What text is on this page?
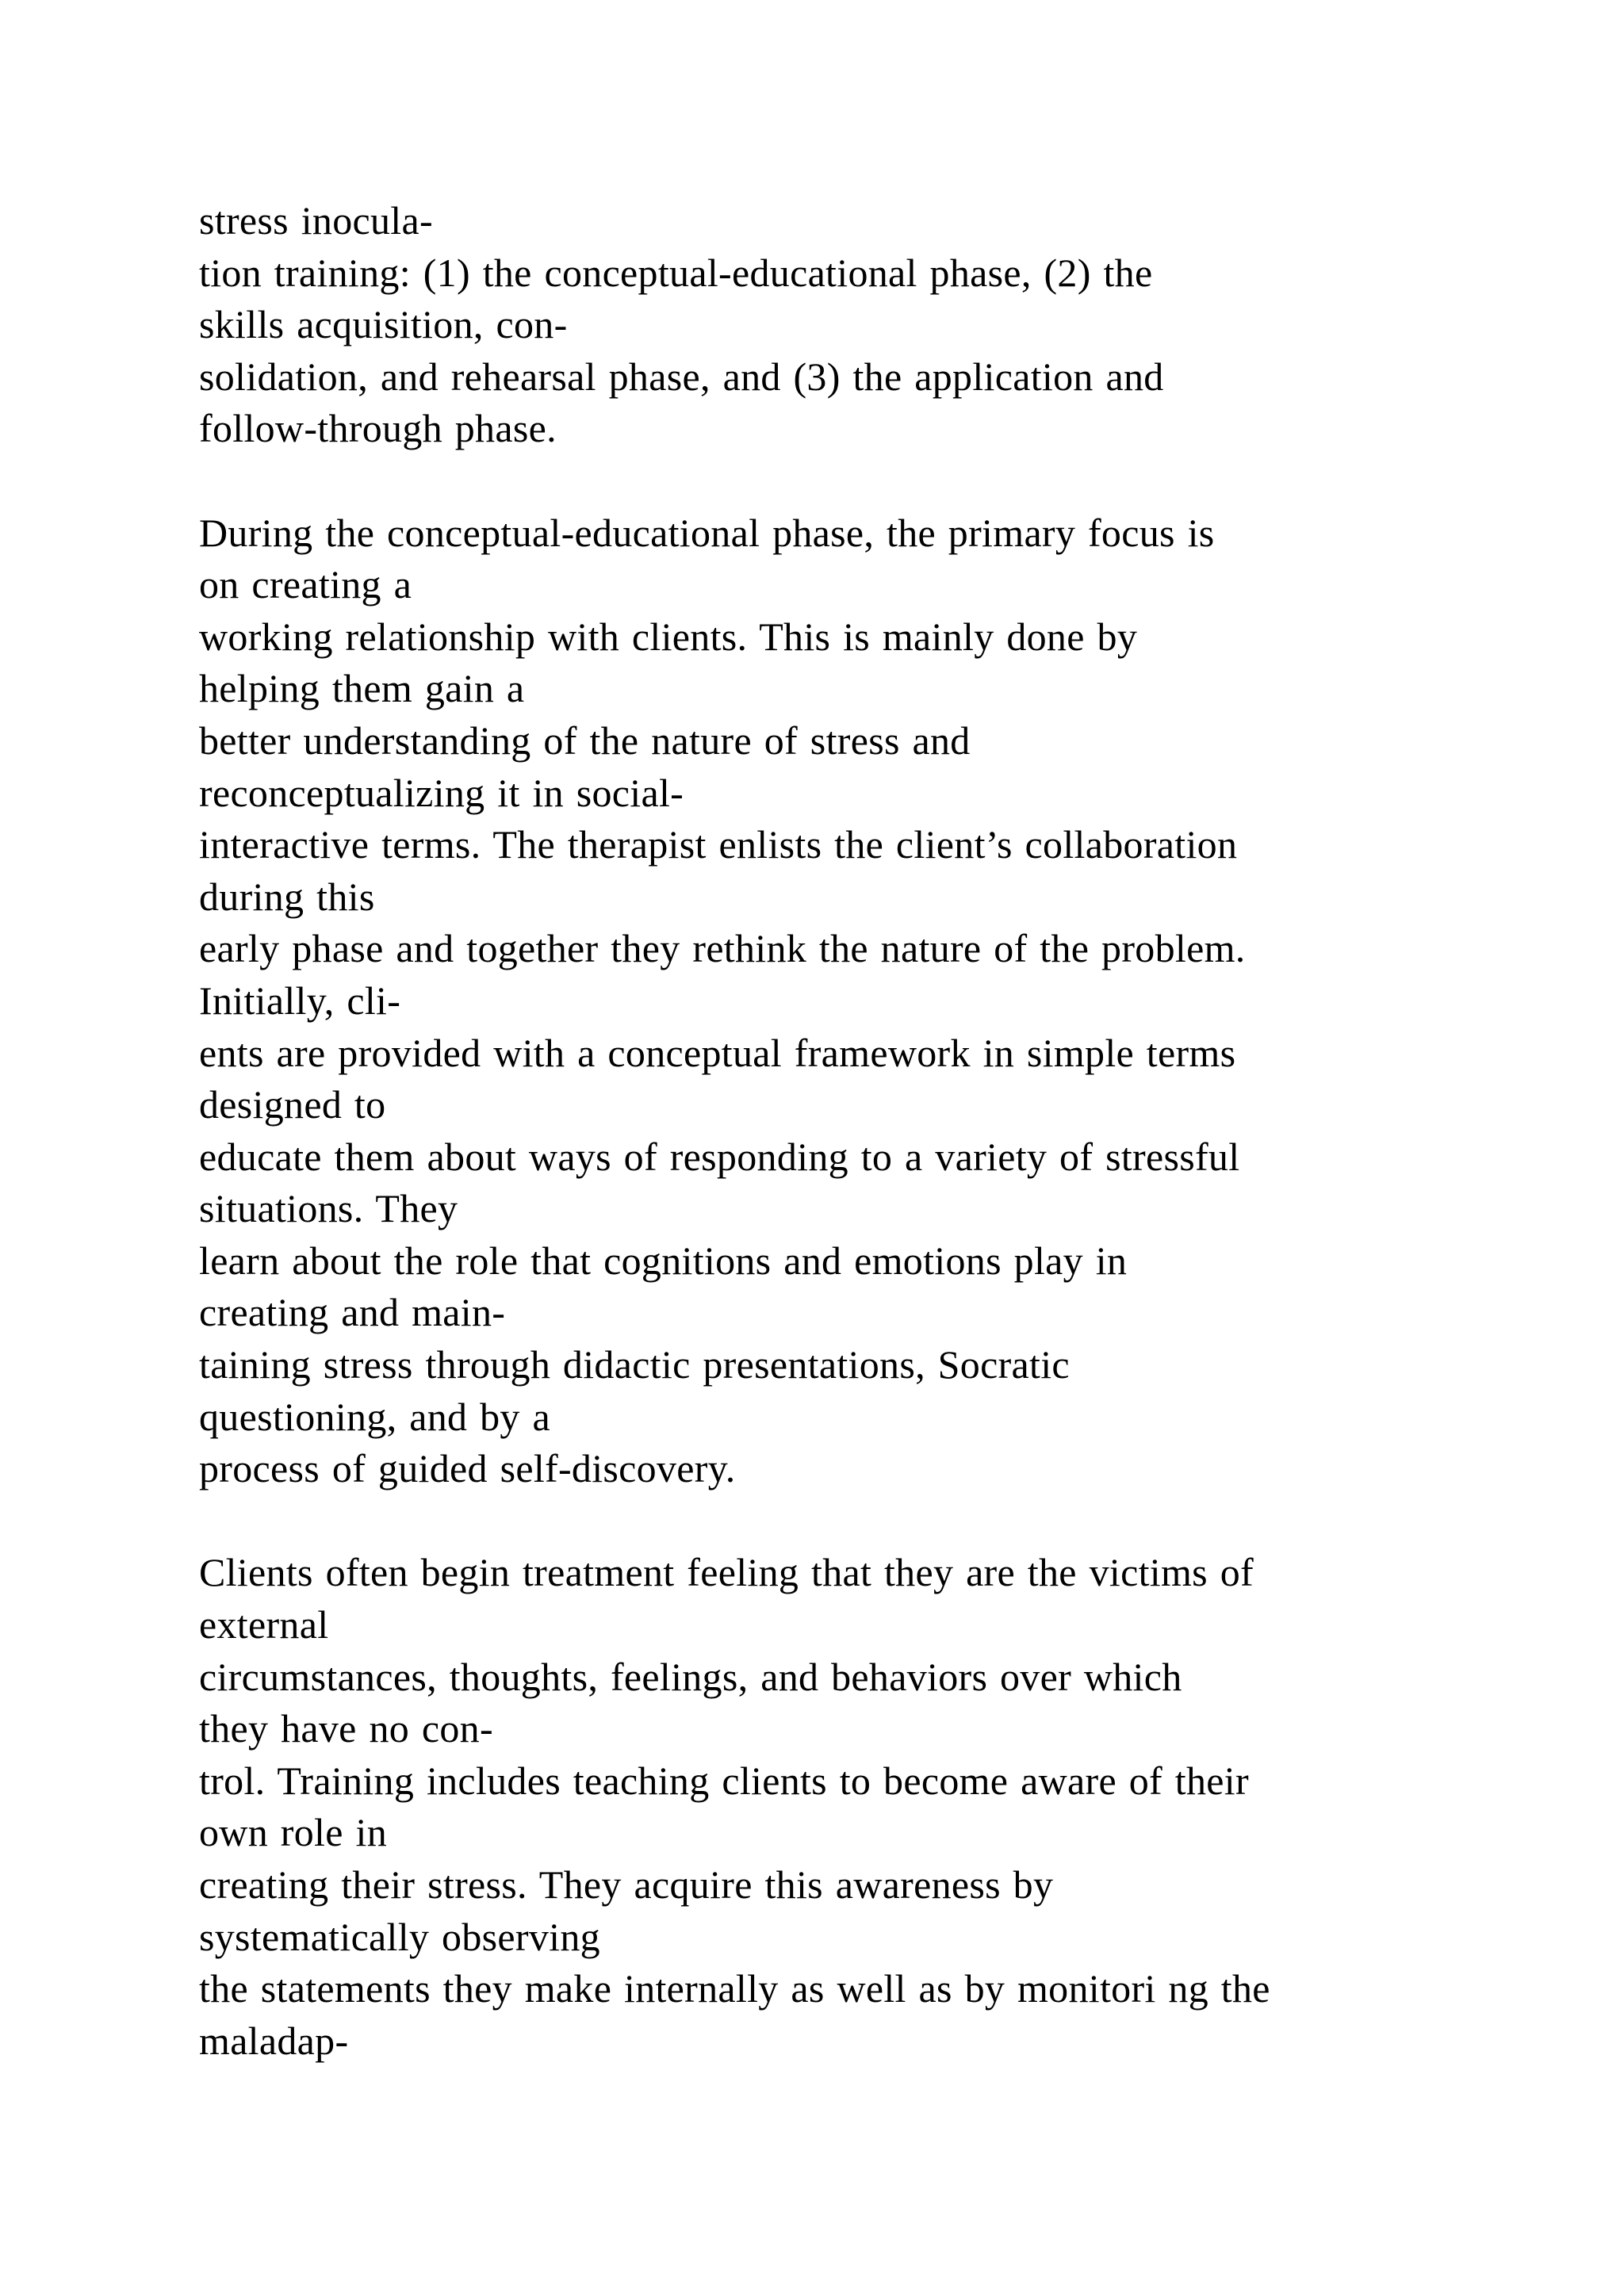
stress inocula-
tion training: (1) the conceptual-educational phase, (2) the
skills acquisition, con-
solidation, and rehearsal phase, and (3) the application and
follow-through phase.

During the conceptual-educational phase, the primary focus is
on creating a
working relationship with clients. This is mainly done by
helping them gain a
better understanding of the nature of stress and
reconceptualizing it in social-
interactive terms. The therapist enlists the client’s collaboration
during this
early phase and together they rethink the nature of the problem.
Initially, cli-
ents are provided with a conceptual framework in simple terms
designed to
educate them about ways of responding to a variety of stressful
situations. They
learn about the role that cognitions and emotions play in
creating and main-
taining stress through didactic presentations, Socratic
questioning, and by a
process of guided self-discovery.

Clients often begin treatment feeling that they are the victims of
external
circumstances, thoughts, feelings, and behaviors over which
they have no con-
trol. Training includes teaching clients to become aware of their
own role in
creating their stress. They acquire this awareness by
systematically observing
the statements they make internally as well as by monitori ng the
maladap-
